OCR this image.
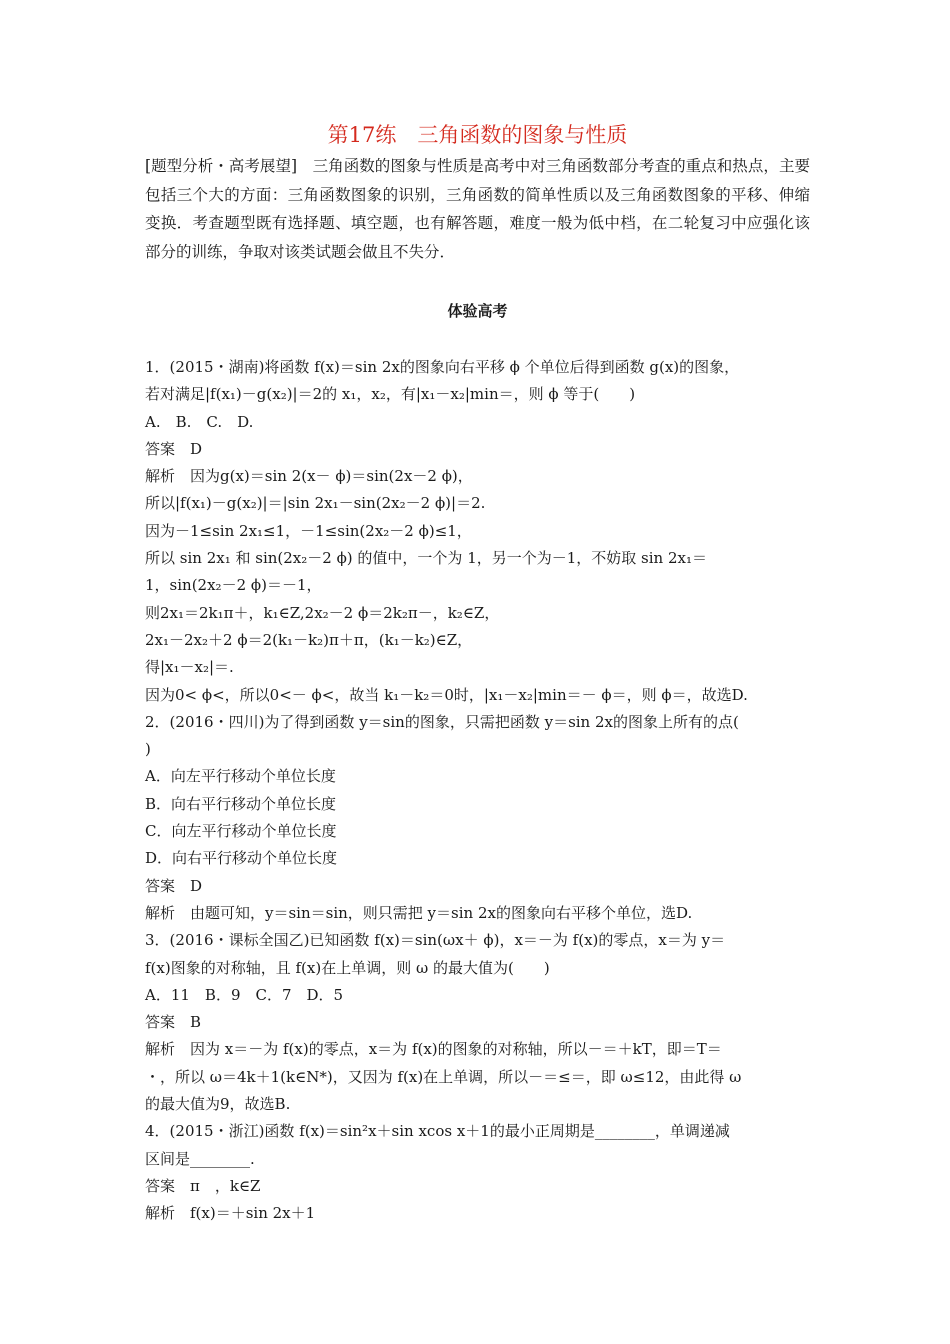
第17练　三角函数的图象与性质

[题型分析・高考展望]　三角函数的图象与性质是高考中对三角函数部分考查的重点和热点，主要包括三个大的方面：三角函数图象的识别，三角函数的简单性质以及三角函数图象的平移、伸缩变换．考查题型既有选择题、填空题，也有解答题，难度一般为低中档，在二轮复习中应强化该部分的训练，争取对该类试题会做且不失分．

体验高考

1．(2015・湖南)将函数 f(x)＝sin 2x的图象向右平移 ϕ 个单位后得到函数 g(x)的图象，

若对满足|f(x₁)－g(x₂)|＝2的 x₁，x₂，有|x₁－x₂|min＝，则 ϕ 等于(　　)

A.　B.　C.　D.

答案　D

解析　因为g(x)＝sin 2(x－ ϕ)＝sin(2x－2 ϕ)，

所以|f(x₁)－g(x₂)|＝|sin 2x₁－sin(2x₂－2 ϕ)|＝2.

因为－1≤sin 2x₁≤1，－1≤sin(2x₂－2 ϕ)≤1，

所以 sin 2x₁ 和 sin(2x₂－2 ϕ) 的值中，一个为 1，另一个为－1，不妨取 sin 2x₁＝

1，sin(2x₂－2 ϕ)＝－1，

则2x₁＝2k₁π＋，k₁∈Z,2x₂－2 ϕ＝2k₂π－，k₂∈Z，

2x₁－2x₂＋2 ϕ＝2(k₁－k₂)π＋π，(k₁－k₂)∈Z，

得|x₁－x₂|＝.

因为0< ϕ<，所以0<－ ϕ<，故当 k₁－k₂＝0时，|x₁－x₂|min＝－ ϕ＝，则 ϕ＝，故选D.

2．(2016・四川)为了得到函数 y＝sin的图象，只需把函数 y＝sin 2x的图象上所有的点(

)

A．向左平行移动个单位长度

B．向右平行移动个单位长度

C．向左平行移动个单位长度

D．向右平行移动个单位长度

答案　D

解析　由题可知，y＝sin＝sin，则只需把 y＝sin 2x的图象向右平移个单位，选D.

3．(2016・课标全国乙)已知函数 f(x)＝sin(ωx＋ ϕ)，x＝－为 f(x)的零点，x＝为 y＝

f(x)图象的对称轴，且 f(x)在上单调，则 ω 的最大值为(　　)

A．11　B．9　C．7　D．5

答案　B

解析　因为 x＝－为 f(x)的零点，x＝为 f(x)的图象的对称轴，所以－＝＋kT，即＝T＝

・，所以 ω＝4k＋1(k∈N*)，又因为 f(x)在上单调，所以－＝≤＝，即 ω≤12，由此得 ω

的最大值为9，故选B.

4．(2015・浙江)函数 f(x)＝sin²x＋sin xcos x＋1的最小正周期是________，单调递减

区间是________.

答案　π　，k∈Z

解析　f(x)＝＋sin 2x＋1
